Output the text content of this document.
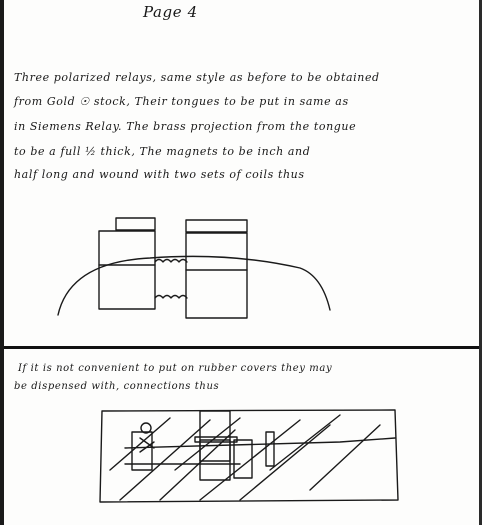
Page 4
Three polarized relays, same style as before to be obtained
from Gold ☉ stock, Their tongues to be put in same as
in Siemens Relay. The brass projection from the tongue
to be a full ½ thick, The magnets to be inch and
half long and wound with two sets of coils thus
If it is not convenient to put on rubber covers they may
be dispensed with, connections thus
